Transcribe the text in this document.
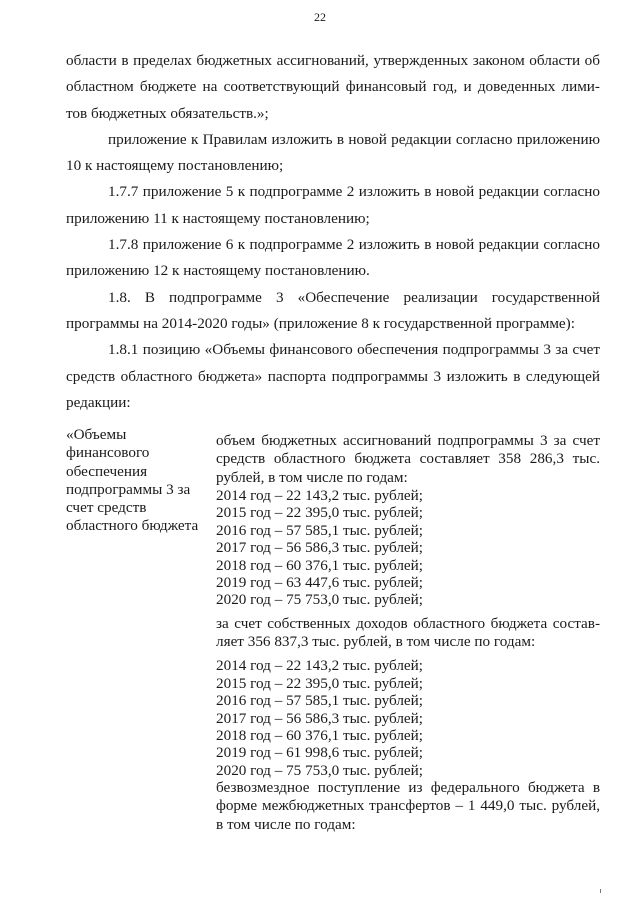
22

области в пределах бюджетных ассигнований, утвержденных законом области об областном бюджете на соответствующий финансовый год, и доведенных лими-тов бюджетных обязательств.»;

приложение к Правилам изложить в новой редакции согласно приложению 10 к настоящему постановлению;

1.7.7 приложение 5 к подпрограмме 2 изложить в новой редакции согласно приложению 11 к настоящему постановлению;

1.7.8 приложение 6 к подпрограмме 2 изложить в новой редакции согласно приложению 12 к настоящему постановлению.

1.8. В подпрограмме 3 «Обеспечение реализации государственной программы на 2014-2020 годы» (приложение 8 к государственной программе):

1.8.1 позицию «Объемы финансового обеспечения подпрограммы 3 за счет средств областного бюджета» паспорта подпрограммы 3 изложить в следующей редакции:

«Объемы финансового обеспечения подпрограммы 3 за счет средств областного бюджета

объем бюджетных ассигнований подпрограммы 3 за счет средств областного бюджета составляет 358 286,3 тыс. рублей, в том числе по годам:

2014 год – 22 143,2 тыс. рублей;
2015 год – 22 395,0 тыс. рублей;
2016 год – 57 585,1 тыс. рублей;
2017 год – 56 586,3 тыс. рублей;
2018 год – 60 376,1 тыс. рублей;
2019 год – 63 447,6 тыс. рублей;
2020 год – 75 753,0 тыс. рублей;

за счет собственных доходов областного бюджета состав-ляет 356 837,3 тыс. рублей, в том числе по годам:

2014 год – 22 143,2 тыс. рублей;
2015 год – 22 395,0 тыс. рублей;
2016 год – 57 585,1 тыс. рублей;
2017 год – 56 586,3 тыс. рублей;
2018 год – 60 376,1 тыс. рублей;
2019 год – 61 998,6 тыс. рублей;
2020 год – 75 753,0 тыс. рублей;

безвозмездное поступление из федерального бюджета в форме межбюджетных трансфертов – 1 449,0 тыс. рублей, в том числе по годам:
